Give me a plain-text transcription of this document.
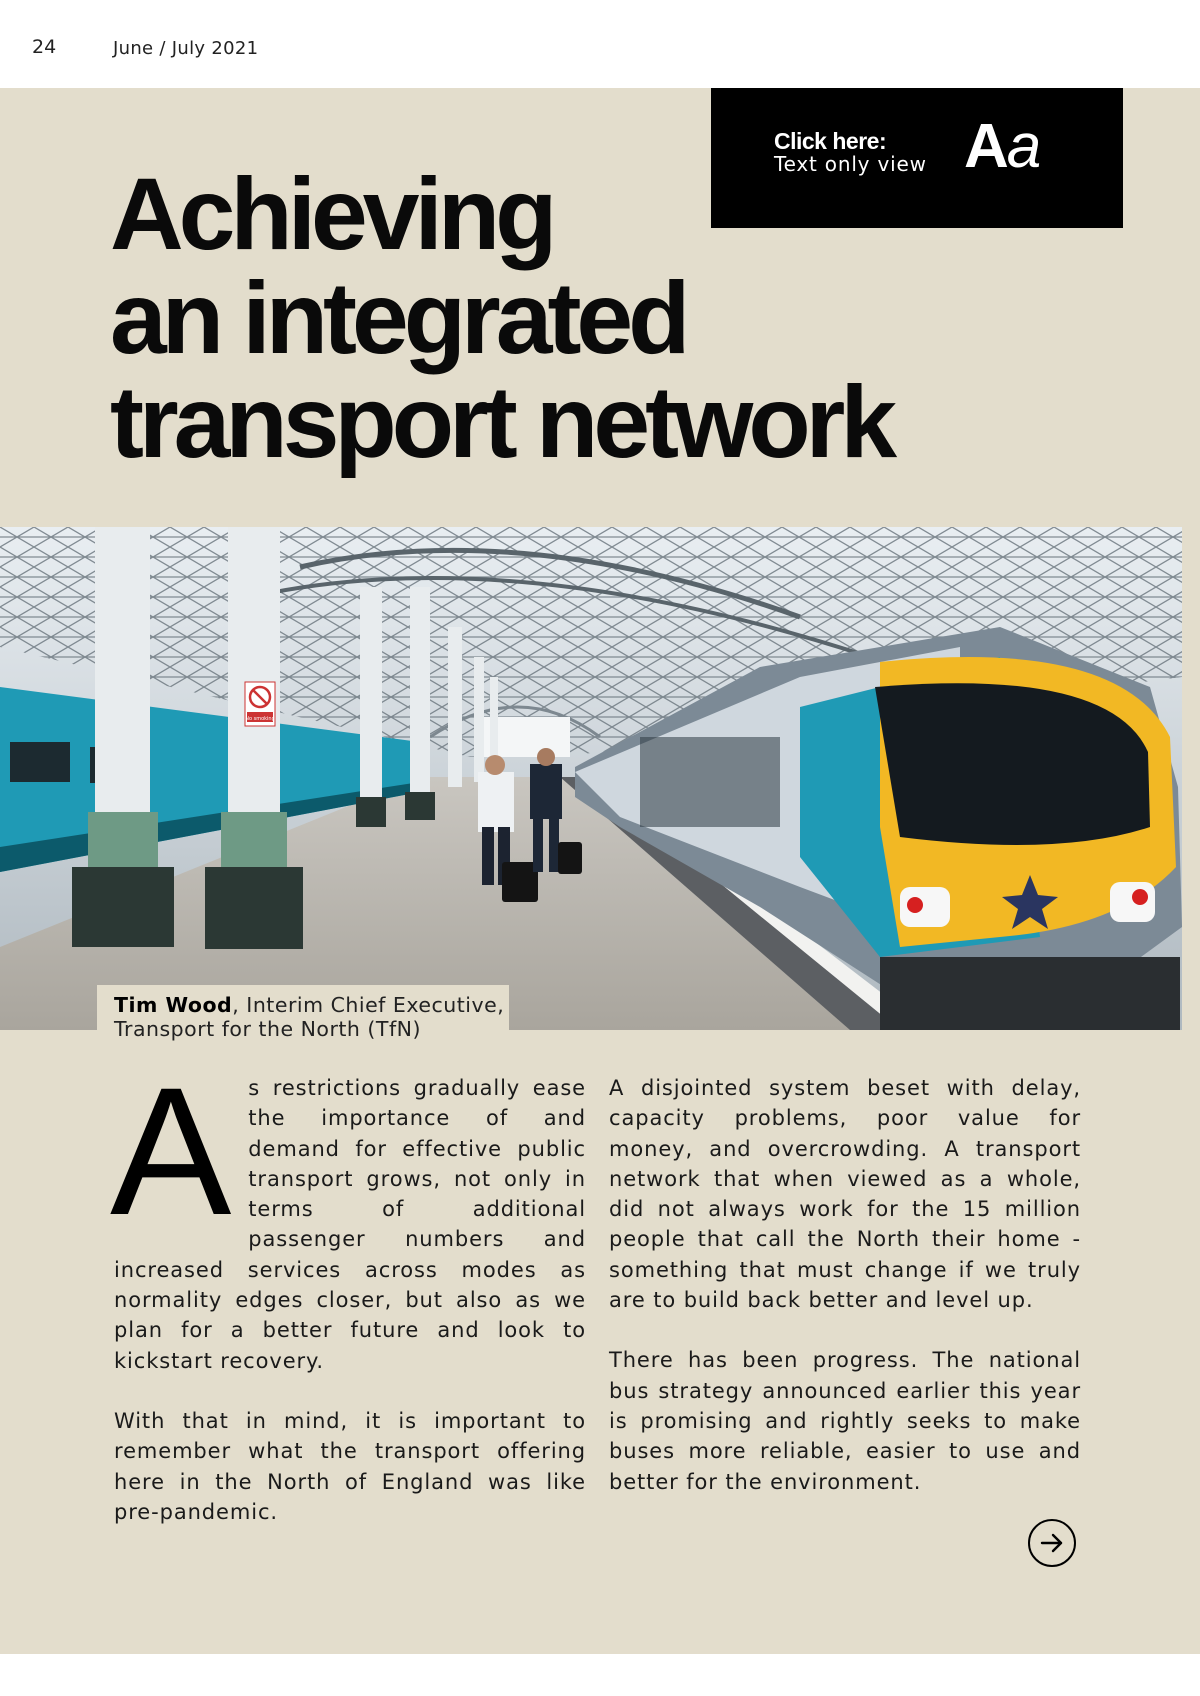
24	June / July 2021
Click here:
Text only view Aa
Achieving
an integrated
transport network
No smoking
Tim Wood, Interim Chief Executive,
Transport for the North (TfN)

As restrictions gradually ease the importance of and demand for effective public transport grows, not only in terms of additional passenger numbers and increased services across modes as normality edges closer, but also as we plan for a better future and look to kickstart recovery.

With that in mind, it is important to remember what the transport offering here in the North of England was like pre-pandemic.

A disjointed system beset with delay, capacity problems, poor value for money, and overcrowding. A transport network that when viewed as a whole, did not always work for the 15 million people that call the North their home - something that must change if we truly are to build back better and level up.

There has been progress. The national bus strategy announced earlier this year is promising and rightly seeks to make buses more reliable, easier to use and better for the environment.
